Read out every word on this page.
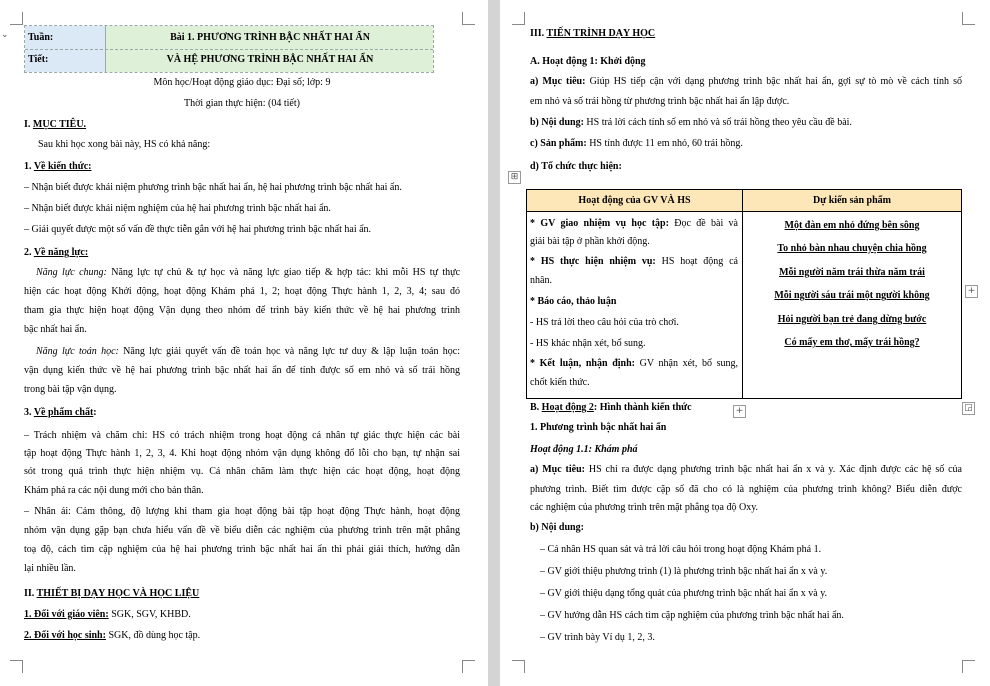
⌄ Tuần:
Tiết:
Bài 1. PHƯƠNG TRÌNH BẬC NHẤT HAI ẨN
VÀ HỆ PHƯƠNG TRÌNH BẬC NHẤT HAI ẨN
Môn học/Hoạt động giáo dục: Đại số; lớp: 9
Thời gian thực hiện: (04 tiết)
I. MỤC TIÊU.
Sau khi học xong bài này, HS có khả năng:
1. Về kiến thức:
– Nhận biết được khái niệm phương trình bậc nhất hai ẩn, hệ hai phương trình bậc nhất hai ẩn.
– Nhận biết được khái niệm nghiệm của hệ hai phương trình bậc nhất hai ẩn.
– Giải quyết được một số vấn đề thực tiễn gắn với hệ hai phương trình bậc nhất hai ẩn.
2. Về năng lực:
Năng lực chung: Năng lực tự chủ & tự học và năng lực giao tiếp & hợp tác: khi mỗi HS tự thực
hiện các hoạt động Khởi động, hoạt động Khám phá 1, 2; hoạt động Thực hành 1, 2, 3, 4; sau đó
tham gia thực hiện hoạt động Vận dụng theo nhóm để trình bày kiến thức về hệ hai phương trình
bậc nhất hai ẩn.
Năng lực toán học: Năng lực giải quyết vấn đề toán học và năng lực tư duy & lập luận toán học:
vận dụng kiến thức về hệ hai phương trình bậc nhất hai ẩn để tính được số em nhỏ và số trái hồng
trong bài tập vận dụng.
3. Về phẩm chất:
– Trách nhiệm và chăm chỉ: HS có trách nhiệm trong hoạt động cá nhân tự giác thực hiện các bài
tập hoạt động Thực hành 1, 2, 3, 4. Khi hoạt động nhóm vận dụng không đổ lỗi cho bạn, tự nhận sai
sót trong quá trình thực hiện nhiệm vụ. Cá nhân chăm làm thực hiện các hoạt động, hoạt động
Khám phá ra các nội dung mới cho bản thân.
– Nhân ái: Cảm thông, độ lượng khi tham gia hoạt động bài tập hoạt động Thực hành, hoạt động
nhóm vận dụng gặp bạn chưa hiểu vấn đề về biểu diễn các nghiệm của phương trình trên mặt phẳng
toạ độ, cách tìm cặp nghiệm của hệ hai phương trình bậc nhất hai ẩn thì phải giải thích, hướng dẫn
lại nhiều lần.
II. THIẾT BỊ DẠY HỌC VÀ HỌC LIỆU
1. Đối với giáo viên: SGK, SGV, KHBD.
2. Đối với học sinh: SGK, đồ dùng học tập.
III. TIẾN TRÌNH DẠY HỌC
A. Hoạt động 1: Khởi động
a) Mục tiêu: Giúp HS tiếp cận với dạng phương trình bậc nhất hai ẩn, gợi sự tò mò về cách tính số
em nhỏ và số trái hồng từ phương trình bậc nhất hai ẩn lập được.
b) Nội dung: HS trả lời cách tính số em nhỏ và số trái hồng theo yêu cầu đề bài.
c) Sản phẩm: HS tính được 11 em nhỏ, 60 trái hồng.
d) Tổ chức thực hiện:
⊞
Hoạt động của GV VÀ HS	Dự kiến sản phẩm
* GV giao nhiệm vụ học tập: Đọc đề bài và
giải bài tập ở phần khởi động.
* HS thực hiện nhiệm vụ: HS hoạt động cá
nhân.
* Báo cáo, thảo luận
- HS trả lời theo câu hỏi của trò chơi.
- HS khác nhận xét, bổ sung.
* Kết luận, nhận định: GV nhận xét, bổ sung,
chốt kiến thức.
Một đàn em nhỏ đứng bên sông
To nhỏ bàn nhau chuyện chia hồng
Mỗi người năm trái thừa năm trái
Mỗi người sáu trái một người không
Hỏi người bạn trẻ đang dừng bước
Có mấy em thơ, mấy trái hồng?
+
+	◲
B. Hoạt động 2: Hình thành kiến thức
1. Phương trình bậc nhất hai ẩn
Hoạt động 1.1: Khám phá
a) Mục tiêu: HS chỉ ra được dạng phương trình bậc nhất hai ẩn x và y. Xác định được các hệ số của
phương trình. Biết tìm được cặp số đã cho có là nghiệm của phương trình không? Biểu diễn được
các nghiệm của phương trình trên mặt phẳng tọa độ Oxy.
b) Nội dung:
– Cá nhân HS quan sát và trả lời câu hỏi trong hoạt động Khám phá 1.
– GV giới thiệu phương trình (1) là phương trình bậc nhất hai ẩn x và y.
– GV giới thiệu dạng tổng quát của phương trình bậc nhất hai ẩn x và y.
– GV hướng dẫn HS cách tìm cặp nghiệm của phương trình bậc nhất hai ẩn.
– GV trình bày Ví dụ 1, 2, 3.
